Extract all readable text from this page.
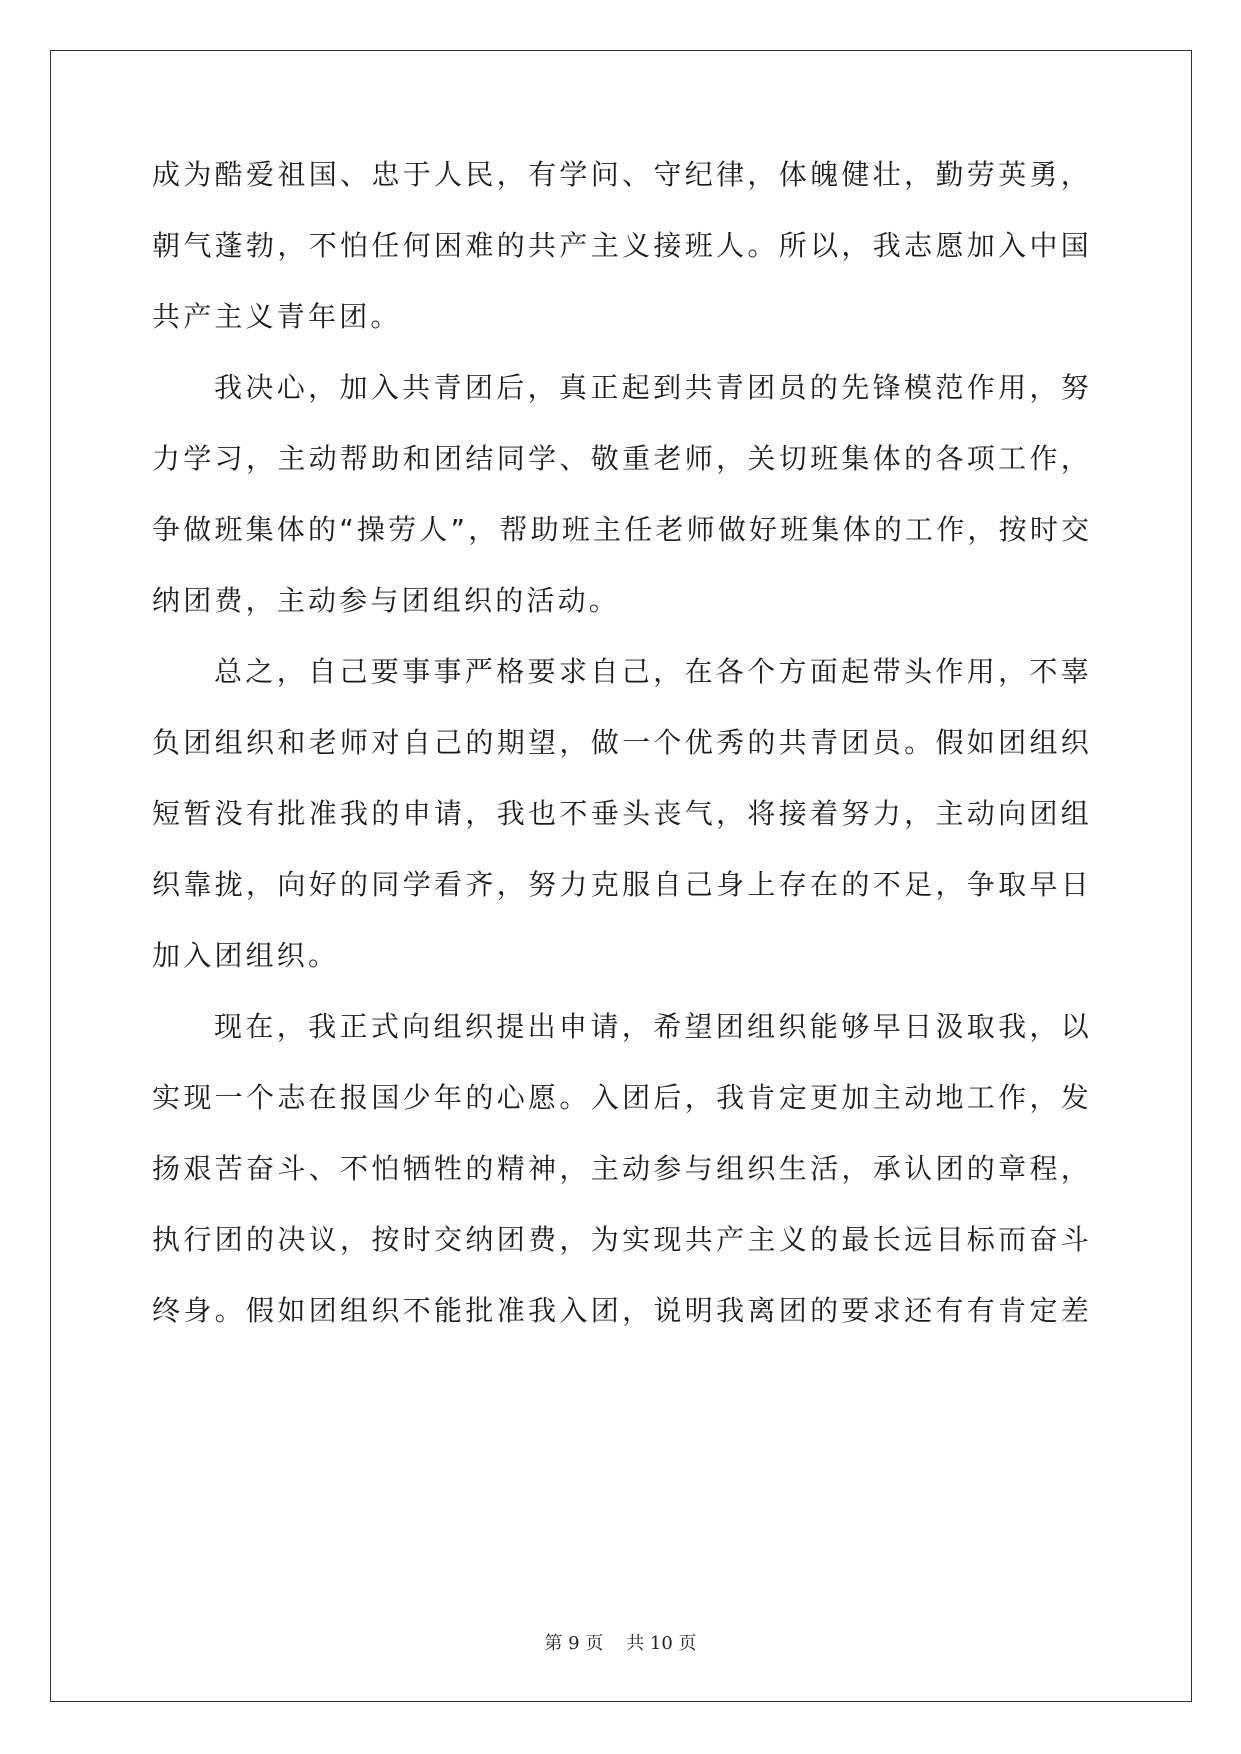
成为酷爱祖国、忠于人民，有学问、守纪律，体魄健壮，勤劳英勇，
朝气蓬勃，不怕任何困难的共产主义接班人。所以，我志愿加入中国
共产主义青年团。
我决心，加入共青团后，真正起到共青团员的先锋模范作用，努
力学习，主动帮助和团结同学、敬重老师，关切班集体的各项工作，
争做班集体的“操劳人”，帮助班主任老师做好班集体的工作，按时交
纳团费，主动参与团组织的活动。
总之，自己要事事严格要求自己，在各个方面起带头作用，不辜
负团组织和老师对自己的期望，做一个优秀的共青团员。假如团组织
短暂没有批准我的申请，我也不垂头丧气，将接着努力，主动向团组
织靠拢，向好的同学看齐，努力克服自己身上存在的不足，争取早日
加入团组织。
现在，我正式向组织提出申请，希望团组织能够早日汲取我，以
实现一个志在报国少年的心愿。入团后，我肯定更加主动地工作，发
扬艰苦奋斗、不怕牺牲的精神，主动参与组织生活，承认团的章程，
执行团的决议，按时交纳团费，为实现共产主义的最长远目标而奋斗
终身。假如团组织不能批准我入团，说明我离团的要求还有有肯定差
第 9 页    共 10 页
